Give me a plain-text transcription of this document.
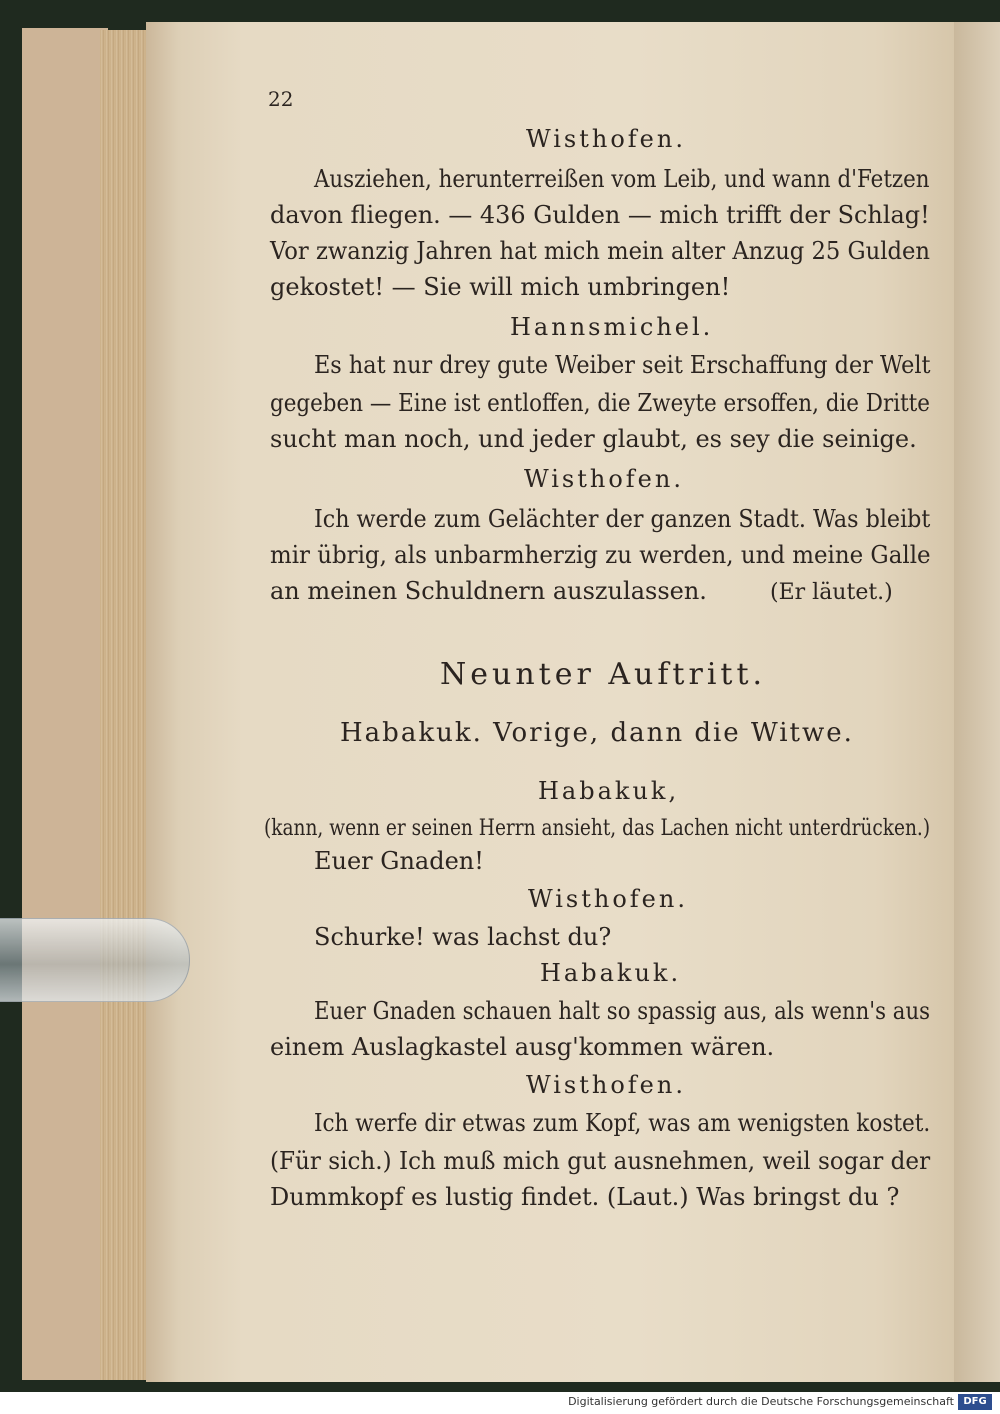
22
Wisthofen.
Ausziehen, herunterreißen vom Leib, und wann d'Fetzen
davon fliegen. — 436 Gulden — mich trifft der Schlag!
Vor zwanzig Jahren hat mich mein alter Anzug 25 Gulden
gekostet! — Sie will mich umbringen!
Hannsmichel.
Es hat nur drey gute Weiber seit Erschaffung der Welt
gegeben — Eine ist entloffen, die Zweyte ersoffen, die Dritte
sucht man noch, und jeder glaubt, es sey die seinige.
Wisthofen.
Ich werde zum Gelächter der ganzen Stadt. Was bleibt
mir übrig, als unbarmherzig zu werden, und meine Galle
an meinen Schuldnern auszulassen.	(Er läutet.)
Neunter Auftritt.
Habakuk. Vorige, dann die Witwe.
Habakuk,
(kann, wenn er seinen Herrn ansieht, das Lachen nicht unterdrücken.)
Euer Gnaden!
Wisthofen.
Schurke! was lachst du?
Habakuk.
Euer Gnaden schauen halt so spassig aus, als wenn's aus
einem Auslagkastel ausg'kommen wären.
Wisthofen.
Ich werfe dir etwas zum Kopf, was am wenigsten kostet.
(Für sich.) Ich muß mich gut ausnehmen, weil sogar der
Dummkopf es lustig findet. (Laut.) Was bringst du ?
Digitalisierung gefördert durch die Deutsche Forschungsgemeinschaft DFG
